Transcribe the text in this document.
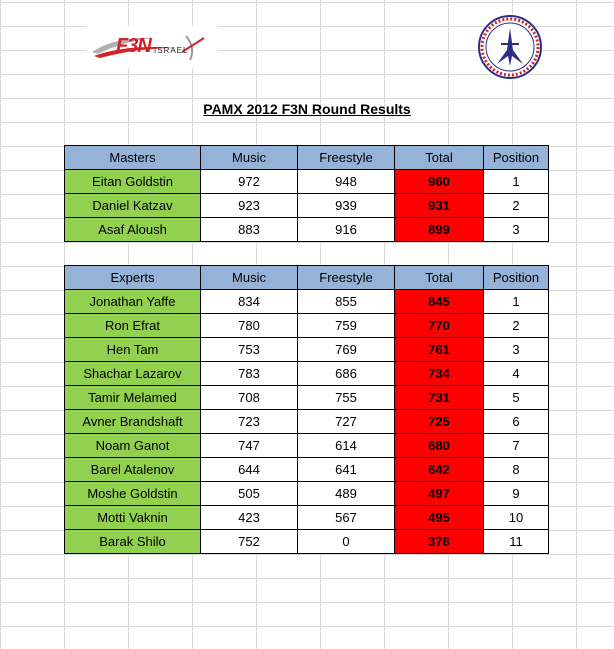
F3N ISRAEL
PAMX 2012 F3N Round Results
Masters	Music	Freestyle	Total	Position
Eitan Goldstin	972	948	960	1
Daniel Katzav	923	939	931	2
Asaf Aloush	883	916	899	3
Experts	Music	Freestyle	Total	Position
Jonathan Yaffe	834	855	845	1
Ron Efrat	780	759	770	2
Hen Tam	753	769	761	3
Shachar Lazarov	783	686	734	4
Tamir Melamed	708	755	731	5
Avner Brandshaft	723	727	725	6
Noam Ganot	747	614	680	7
Barel Atalenov	644	641	642	8
Moshe Goldstin	505	489	497	9
Motti Vaknin	423	567	495	10
Barak Shilo	752	0	376	11
